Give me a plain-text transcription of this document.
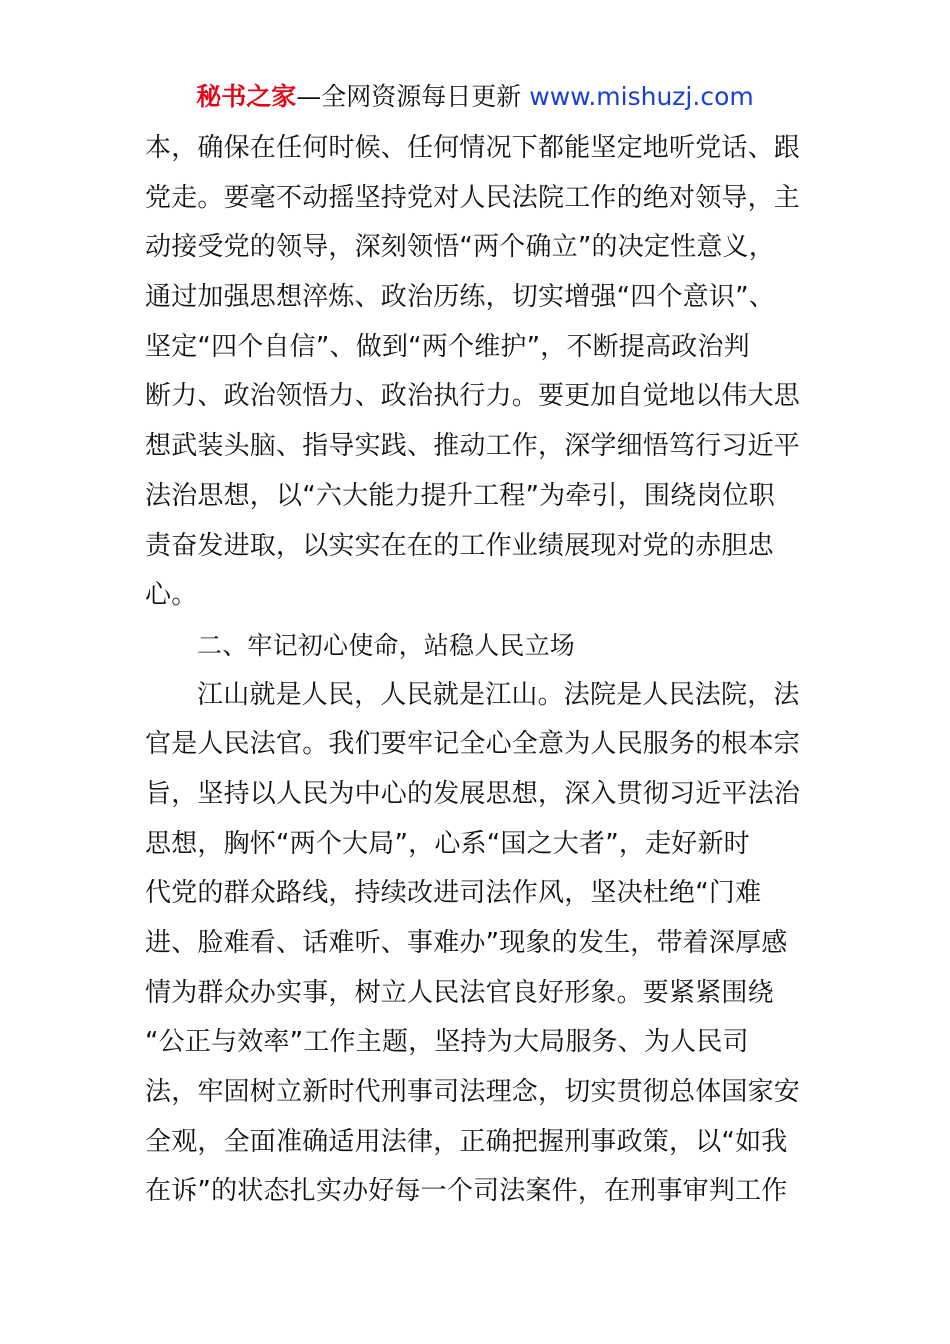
秘书之家—全网资源每日更新 www.mishuzj.com
本，确保在任何时候、任何情况下都能坚定地听党话、跟
党走。要毫不动摇坚持党对人民法院工作的绝对领导，主
动接受党的领导，深刻领悟“两个确立”的决定性意义，
通过加强思想淬炼、政治历练，切实增强“四个意识”、
坚定“四个自信”、做到“两个维护”，不断提高政治判
断力、政治领悟力、政治执行力。要更加自觉地以伟大思
想武装头脑、指导实践、推动工作，深学细悟笃行习近平
法治思想，以“六大能力提升工程”为牵引，围绕岗位职
责奋发进取，以实实在在的工作业绩展现对党的赤胆忠
心。
二、牢记初心使命，站稳人民立场
江山就是人民，人民就是江山。法院是人民法院，法
官是人民法官。我们要牢记全心全意为人民服务的根本宗
旨，坚持以人民为中心的发展思想，深入贯彻习近平法治
思想，胸怀“两个大局”，心系“国之大者”，走好新时
代党的群众路线，持续改进司法作风，坚决杜绝“门难
进、脸难看、话难听、事难办”现象的发生，带着深厚感
情为群众办实事，树立人民法官良好形象。要紧紧围绕
“公正与效率”工作主题，坚持为大局服务、为人民司
法，牢固树立新时代刑事司法理念，切实贯彻总体国家安
全观，全面准确适用法律，正确把握刑事政策，以“如我
在诉”的状态扎实办好每一个司法案件，在刑事审判工作
